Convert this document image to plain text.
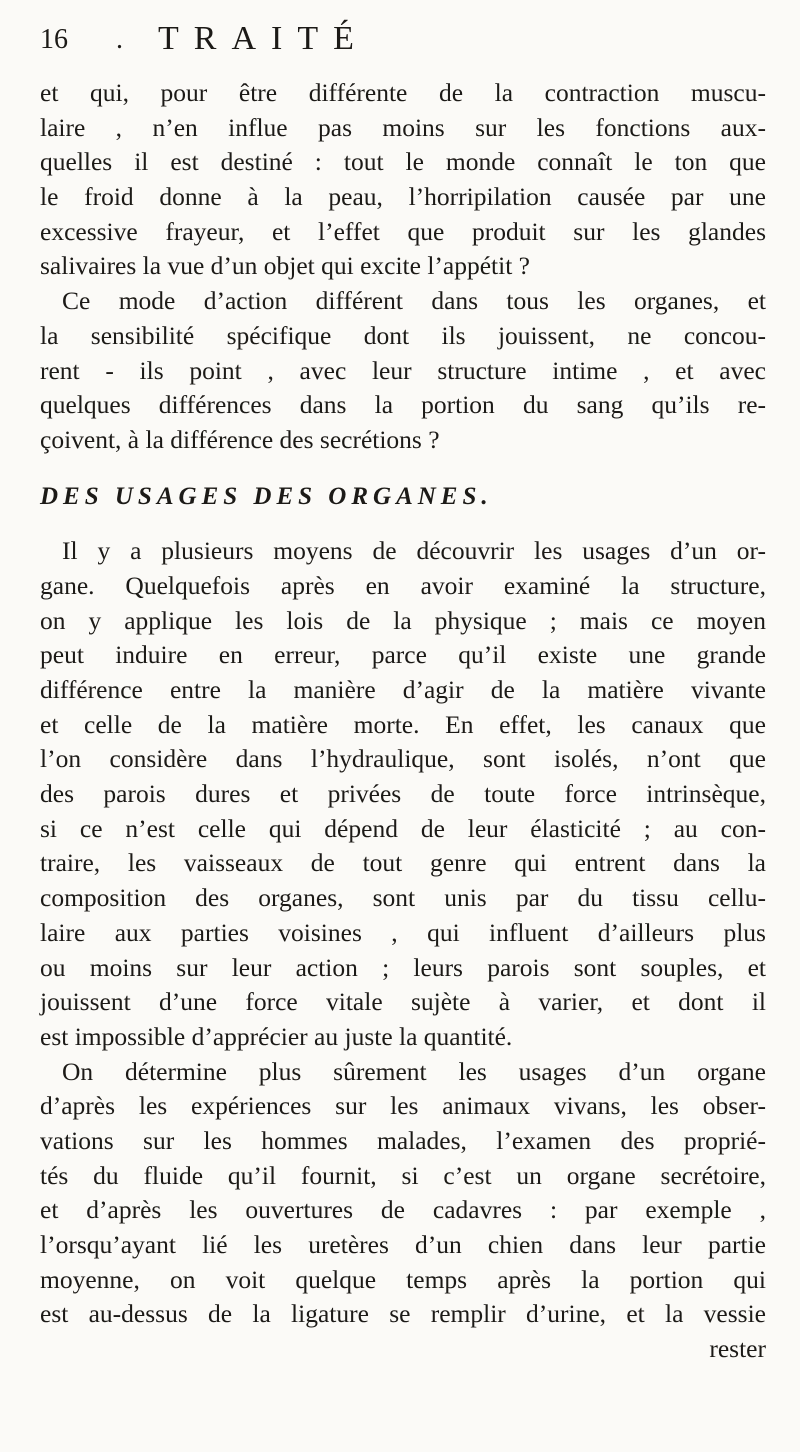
16 . TRAITÉ
et qui, pour être différente de la contraction muscu-
laire , n’en influe pas moins sur les fonctions aux-
quelles il est destiné : tout le monde connaît le ton que
le froid donne à la peau, l’horripilation causée par une
excessive frayeur, et l’effet que produit sur les glandes
salivaires la vue d’un objet qui excite l’appétit ?
Ce mode d’action différent dans tous les organes, et
la sensibilité spécifique dont ils jouissent, ne concou-
rent - ils point , avec leur structure intime , et avec
quelques différences dans la portion du sang qu’ils re-
çoivent, à la différence des secrétions ?
DES USAGES DES ORGANES.
Il y a plusieurs moyens de découvrir les usages d’un or-
gane. Quelquefois après en avoir examiné la structure,
on y applique les lois de la physique ; mais ce moyen
peut induire en erreur, parce qu’il existe une grande
différence entre la manière d’agir de la matière vivante
et celle de la matière morte. En effet, les canaux que
l’on considère dans l’hydraulique, sont isolés, n’ont que
des parois dures et privées de toute force intrinsèque,
si ce n’est celle qui dépend de leur élasticité ; au con-
traire, les vaisseaux de tout genre qui entrent dans la
composition des organes, sont unis par du tissu cellu-
laire aux parties voisines , qui influent d’ailleurs plus
ou moins sur leur action ; leurs parois sont souples, et
jouissent d’une force vitale sujète à varier, et dont il
est impossible d’apprécier au juste la quantité.
On détermine plus sûrement les usages d’un organe
d’après les expériences sur les animaux vivans, les obser-
vations sur les hommes malades, l’examen des proprié-
tés du fluide qu’il fournit, si c’est un organe secrétoire,
et d’après les ouvertures de cadavres : par exemple ,
l’orsqu’ayant lié les uretères d’un chien dans leur partie
moyenne, on voit quelque temps après la portion qui
est au-dessus de la ligature se remplir d’urine, et la vessie
rester
